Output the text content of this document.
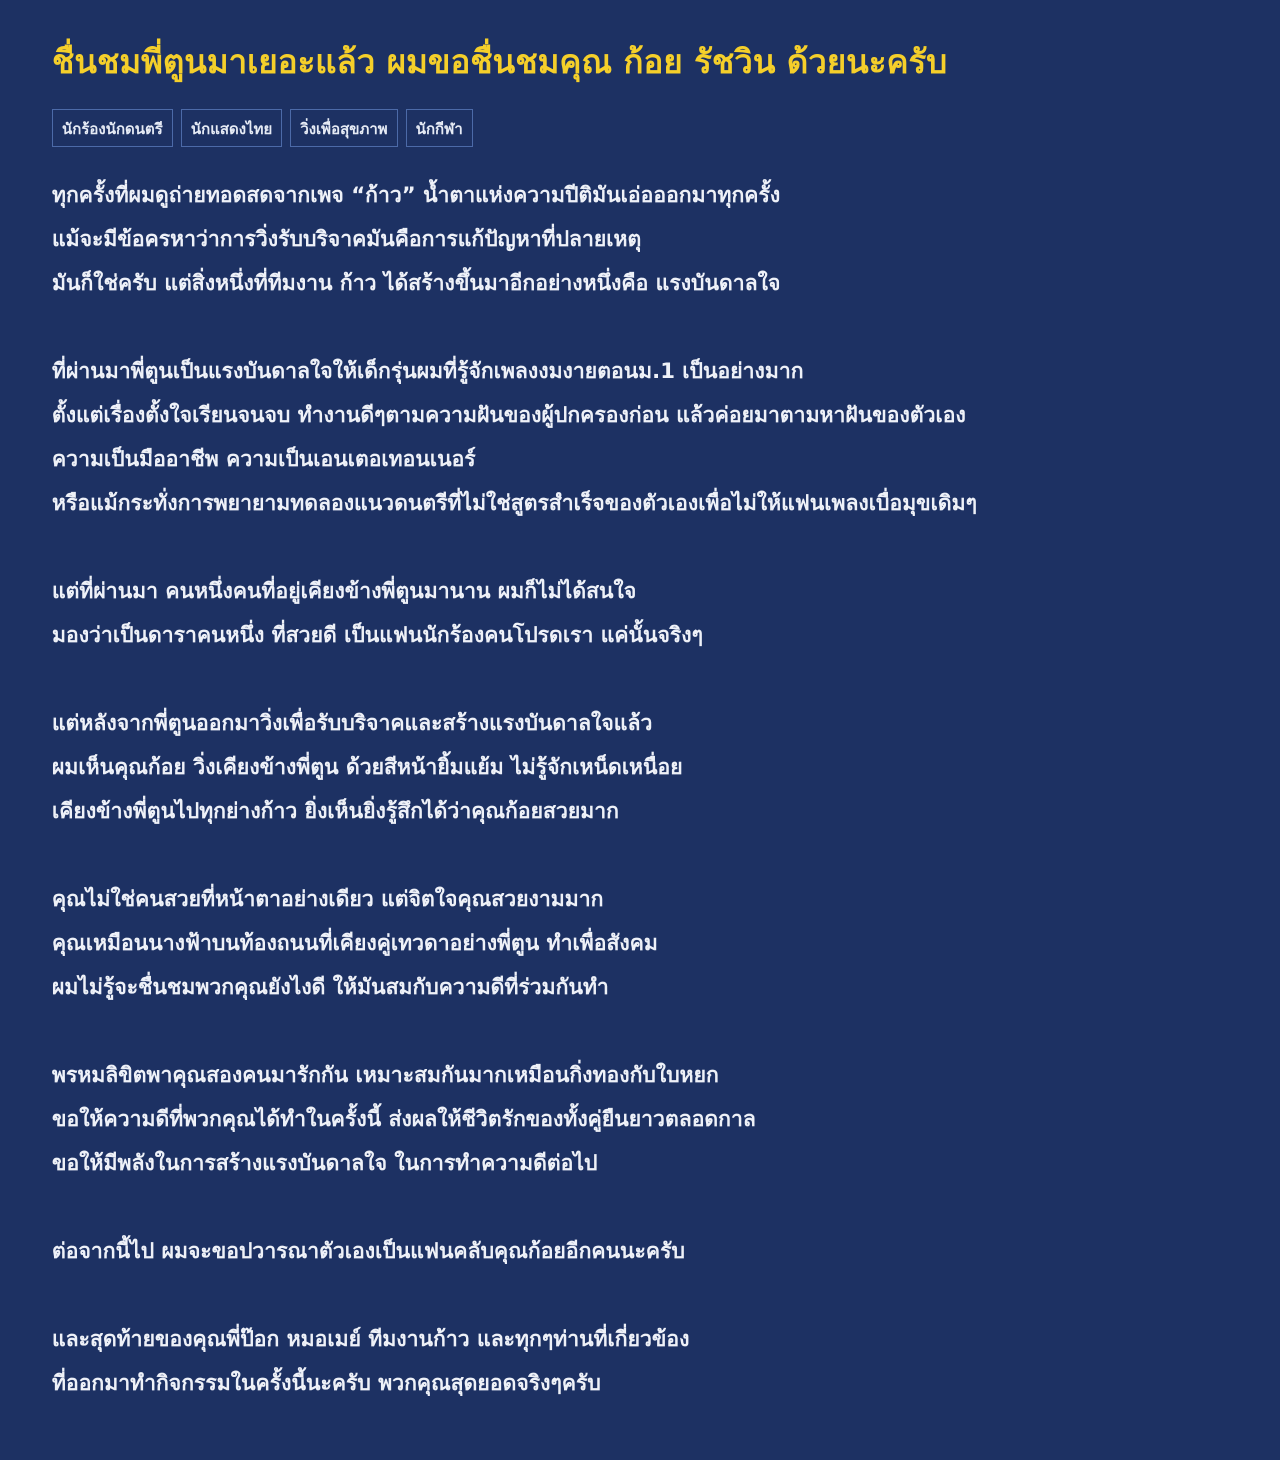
ชื่นชมพี่ตูนมาเยอะแล้ว ผมขอชื่นชมคุณ ก้อย รัชวิน ด้วยนะครับ
นักร้องนักดนตรี	นักแสดงไทย	วิ่งเพื่อสุขภาพ	นักกีฬา
ทุกครั้งที่ผมดูถ่ายทอดสดจากเพจ “ก้าว” น้ำตาแห่งความปีติมันเอ่อออกมาทุกครั้ง
แม้จะมีข้อครหาว่าการวิ่งรับบริจาคมันคือการแก้ปัญหาที่ปลายเหตุ
มันก็ใช่ครับ แต่สิ่งหนึ่งที่ทีมงาน ก้าว ได้สร้างขึ้นมาอีกอย่างหนึ่งคือ แรงบันดาลใจ
ที่ผ่านมาพี่ตูนเป็นแรงบันดาลใจให้เด็กรุ่นผมที่รู้จักเพลงงมงายตอนม.1 เป็นอย่างมาก
ตั้งแต่เรื่องตั้งใจเรียนจนจบ ทำงานดีๆตามความฝันของผู้ปกครองก่อน แล้วค่อยมาตามหาฝันของตัวเอง
ความเป็นมืออาชีพ ความเป็นเอนเตอเทอนเนอร์
หรือแม้กระทั่งการพยายามทดลองแนวดนตรีที่ไม่ใช่สูตรสำเร็จของตัวเองเพื่อไม่ให้แฟนเพลงเบื่อมุขเดิมๆ
แต่ที่ผ่านมา คนหนึ่งคนที่อยู่เคียงข้างพี่ตูนมานาน ผมก็ไม่ได้สนใจ
มองว่าเป็นดาราคนหนึ่ง ที่สวยดี เป็นแฟนนักร้องคนโปรดเรา แค่นั้นจริงๆ
แต่หลังจากพี่ตูนออกมาวิ่งเพื่อรับบริจาคและสร้างแรงบันดาลใจแล้ว
ผมเห็นคุณก้อย วิ่งเคียงข้างพี่ตูน ด้วยสีหน้ายิ้มแย้ม ไม่รู้จักเหน็ดเหนื่อย
เคียงข้างพี่ตูนไปทุกย่างก้าว ยิ่งเห็นยิ่งรู้สึกได้ว่าคุณก้อยสวยมาก
คุณไม่ใช่คนสวยที่หน้าตาอย่างเดียว แต่จิตใจคุณสวยงามมาก
คุณเหมือนนางฟ้าบนท้องถนนที่เคียงคู่เทวดาอย่างพี่ตูน ทำเพื่อสังคม
ผมไม่รู้จะชื่นชมพวกคุณยังไงดี ให้มันสมกับความดีที่ร่วมกันทำ
พรหมลิขิตพาคุณสองคนมารักกัน เหมาะสมกันมากเหมือนกิ่งทองกับใบหยก
ขอให้ความดีที่พวกคุณได้ทำในครั้งนี้ ส่งผลให้ชีวิตรักของทั้งคู่ยืนยาวตลอดกาล
ขอให้มีพลังในการสร้างแรงบันดาลใจ ในการทำความดีต่อไป
ต่อจากนี้ไป ผมจะขอปวารณาตัวเองเป็นแฟนคลับคุณก้อยอีกคนนะครับ
และสุดท้ายของคุณพี่ป๊อก หมอเมย์ ทีมงานก้าว และทุกๆท่านที่เกี่ยวข้อง
ที่ออกมาทำกิจกรรมในครั้งนี้นะครับ พวกคุณสุดยอดจริงๆครับ
